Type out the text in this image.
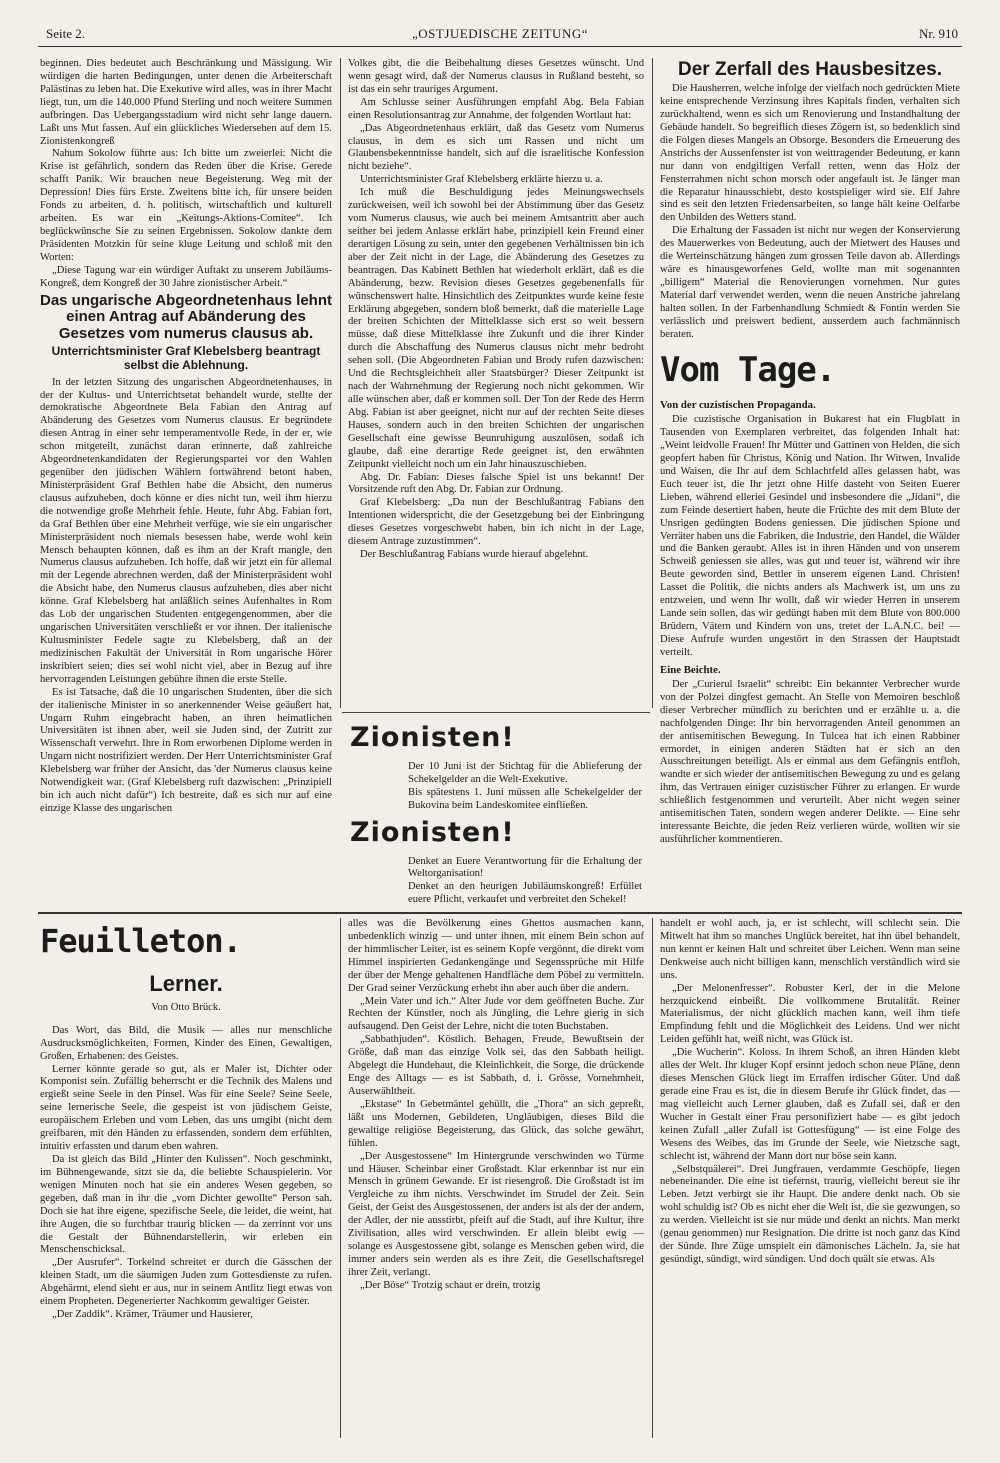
Seite 2.	„OSTJUEDISCHE ZEITUNG“	Nr. 910

beginnen. Dies bedeutet auch Beschränkung und Mässigung. Wir würdigen die harten Bedingungen, unter denen die Arbeiterschaft Palästinas zu leben hat. Die Exekutive wird alles, was in ihrer Macht liegt, tun, um die 140.000 Pfund Sterling und noch weitere Summen aufbringen. Das Uebergangsstadium wird nicht sehr lange dauern. Laßt uns Mut fassen. Auf ein glückliches Wiedersehen auf dem 15. Zionistenkongreß

Nahum Sokolow führte aus: Ich bitte um zweierlei: Nicht die Krise ist gefährlich, sondern das Reden über die Krise. Gerede schafft Panik. Wir brauchen neue Begeisterung. Weg mit der Depression! Dies fürs Erste. Zweitens bitte ich, für unsere beiden Fonds zu arbeiten, d. h. politisch, wirtschaftlich und kulturell arbeiten. Es war ein „Keitungs-Aktions-Comitee“. Ich beglückwünsche Sie zu seinen Ergebnissen. Sokolow dankte dem Präsidenten Motzkin für seine kluge Leitung und schloß mit den Worten:

„Diese Tagung war ein würdiger Auftakt zu unserem Jubiläums-Kongreß, dem Kongreß der 30 Jahre zionistischer Arbeit.“

Das ungarische Abgeordnetenhaus lehnt einen Antrag auf Abänderung des Gesetzes vom numerus clausus ab.
Unterrichtsminister Graf Klebelsberg beantragt selbst die Ablehnung.

In der letzten Sitzung des ungarischen Abgeordnetenhauses, in der der Kultus- und Unterrichtsetat behandelt wurde, stellte der demokratische Abgeordnete Bela Fabian den Antrag auf Abänderung des Gesetzes vom Numerus clausus. Er begründete diesen Antrag in einer sehr temperamentvolle Rede, in der er, wie schon mitgeteilt, zunächst daran erinnerte, daß zahlreiche Abgeordnetenkandidaten der Regierungspartei vor den Wahlen gegenüber den jüdischen Wählern fortwährend betont haben, Ministerpräsident Graf Bethlen habe die Absicht, den numerus clausus aufzuheben, doch könne er dies nicht tun, weil ihm hierzu die notwendige große Mehrheit fehle. Heute, fuhr Abg. Fabian fort, da Graf Bethlen über eine Mehrheit verfüge, wie sie ein ungarischer Ministerpräsident noch niemals besessen habe, werde wohl kein Mensch behaupten können, daß es ihm an der Kraft mangle, den Numerus clausus aufzuheben. Ich hoffe, daß wir jetzt ein für allemal mit der Legende abrechnen werden, daß der Ministerpräsident wohl die Absicht habe, den Numerus clausus aufzuheben, dies aber nicht könne. Graf Klebelsberg hat anläßlich seines Aufenhaltes in Rom das Lob der ungarischen Studenten entgegengenommen, aber die ungarischen Universitäten verschließt er vor ihnen. Der italienische Kultusminister Fedele sagte zu Klebelsberg, daß an der medizinischen Fakultät der Universität in Rom ungarische Hörer inskribiert seien; dies sei wohl nicht viel, aber in Bezug auf ihre hervorragenden Leistungen gebühre ihnen die erste Stelle.

Es ist Tatsache, daß die 10 ungarischen Studenten, über die sich der italienische Minister in so anerkennender Weise geäußert hat, Ungarn Ruhm eingebracht haben, an ihren heimatlichen Universitäten ist ihnen aber, weil sie Juden sind, der Zutritt zur Wissenschaft verwehrt. Ihre in Rom erworbenen Diplome werden in Ungarn nicht nostrifiziert werden. Der Herr Unterrichtsminister Graf Klebelsberg war früher der Ansicht, das 'der Numerus clausus keine Notwendigkeit war. (Graf Klebelsberg ruft dazwischen: „Prinzipiell bin ich auch nicht dafür“) Ich bestreite, daß es sich nur auf eine einzige Klasse des ungarischen

Volkes gibt, die die Beibehaltung dieses Gesetzes wünscht. Und wenn gesagt wird, daß der Numerus clausus in Rußland besteht, so ist das ein sehr trauriges Argument.

Am Schlusse seiner Ausführungen empfahl Abg. Bela Fabian einen Resolutionsantrag zur Annahme, der folgenden Wortlaut hat:

„Das Abgeordnetenhaus erklärt, daß das Gesetz vom Numerus clausus, in dem es sich um Rassen und nicht um Glaubensbekenntnisse handelt, sich auf die israelitische Konfession nicht beziehe“.

Unterrichtsminister Graf Klebelsberg erklärte hierzu u. a.

Ich muß die Beschuldigung jedes Meinungswechsels zurückweisen, weil ich sowohl bei der Abstimmung über das Gesetz vom Numerus clausus, wie auch bei meinem Amtsantritt aber auch seither bei jedem Anlasse erklärt habe, prinzipiell kein Freund einer derartigen Lösung zu sein, unter den gegebenen Verhältnissen bin ich aber der Zeit nicht in der Lage, die Abänderung des Gesetzes zu beantragen. Das Kabinett Bethlen hat wiederholt erklärt, daß es die Abänderung, bezw. Revision dieses Gesetzes gegebenenfalls für wünschenswert halte. Hinsichtlich des Zeitpunktes wurde keine feste Erklärung abgegeben, sondern bloß bemerkt, daß die materielle Lage der breiten Schichten der Mittelklasse sich erst so weit bessern müsse, daß diese Mittelklasse ihre Zukunft und die ihrer Kinder durch die Abschaffung des Numerus clausus nicht mehr bedroht sehen soll. (Die Abgeordneten Fabian und Brody rufen dazwischen: Und die Rechtsgleichheit aller Staatsbürger? Dieser Zeitpunkt ist nach der Wahrnehmung der Regierung noch nicht gekommen. Wir alle wünschen aber, daß er kommen soll. Der Ton der Rede des Herrn Abg. Fabian ist aber geeignet, nicht nur auf der rechten Seite dieses Hauses, sondern auch in den breiten Schichten der ungarischen Gesellschaft eine gewisse Beunruhigung auszulösen, sodaß ich glaube, daß eine derartige Rede geeignet ist, den erwähnten Zeitpunkt vielleicht noch um ein Jahr hinauszuschieben.

Abg. Dr. Fabian: Dieses falsche Spiel ist uns bekannt! Der Vorsitzende ruft den Abg. Dr. Fabian zur Ordnung.

Graf Klebelsberg: „Da nun der Beschlußantrag Fabians den Intentionen widerspricht, die der Gesetzgebung bei der Einbringung dieses Gesetzes vorgeschwebt haben, bin ich nicht in der Lage, diesem Antrage zuzustimmen“.

Der Beschlußantrag Fabians wurde hierauf abgelehnt.

Zionisten!

Der 10 Juni ist der Stichtag für die Ablieferung der Schekelgelder an die Welt-Exekutive.

Bis spätestens 1. Juni müssen alle Schekelgelder der Bukovina beim Landeskomitee einfließen.

Zionisten!

Denket an Euere Verantwortung für die Erhaltung der Weltorganisation!

Denket an den heurigen Jubiläumskongreß! Erfüllet euere Pflicht, verkaufet und verbreitet den Schekel!

Der Zerfall des Hausbesitzes.

Die Hausherren, welche infolge der vielfach noch gedrückten Miete keine entsprechende Verzinsung ihres Kapitals finden, verhalten sich zurückhaltend, wenn es sich um Renovierung und Instandhaltung der Gebäude handelt. So begreiflich dieses Zögern ist, so bedenklich sind die Folgen dieses Mangels an Obsorge. Besonders die Erneuerung des Anstrichs der Aussenfenster ist von weittragender Bedeutung, er kann nur dann von endgiltigen Verfall retten, wenn das Holz der Fensterrahmen nicht schon morsch oder angefault ist. Je länger man die Reparatur hinausschiebt, desto kostspieliger wird sie. Elf Jahre sind es seit den letzten Friedensarbeiten, so lange hält keine Oelfarbe den Unbilden des Wetters stand.

Die Erhaltung der Fassaden ist nicht nur wegen der Konservierung des Mauerwerkes von Bedeutung, auch der Mietwert des Hauses und die Werteinschätzung hängen zum grossen Teile davon ab. Allerdings wäre es hinausgeworfenes Geld, wollte man mit sogenannten „billigem“ Material die Renovierungen vornehmen. Nur gutes Material darf verwendet werden, wenn die neuen Anstriche jahrelang halten sollen. In der Farbenhandlung Schmiedt & Fontin werden Sie verlässlich und preiswert bedient, ausserdem auch fachmännisch beraten.

Vom Tage.
Von der cuzistischen Propaganda.

Die cuzistische Organisation in Bukarest hat ein Flugblatt in Tausenden von Exemplaren verbreitet, das folgenden Inhalt hat: „Weint leidvolle Frauen! Ihr Mütter und Gattinen von Helden, die sich geopfert haben für Christus, König und Nation. Ihr Witwen, Invalide und Waisen, die Ihr auf dem Schlachtfeld alles gelassen habt, was Euch teuer ist, die Ihr jetzt ohne Hilfe dasteht von Seiten Euerer Lieben, während elleriei Gesindel und insbesondere die „Jidani“, die zum Feinde desertiert haben, heute die Früchte des mit dem Blute der Unsrigen gedüngten Bodens geniessen. Die jüdischen Spione und Verräter haben uns die Fabriken, die Industrie, den Handel, die Wälder und die Banken geraubt. Alles ist in ihren Händen und von unserem Schweiß geniessen sie alles, was gut und teuer ist, während wir ihre Beute geworden sind, Bettler in unserem eigenen Land. Christen! Lasset die Politik, die nichts anders als Machwerk ist, um uns zu entzweien, und wenn Ihr wollt, daß wir wieder Herren in unserem Lande sein sollen, das wir gedüngt haben mit dem Blute von 800.000 Brüdern, Vätern und Kindern von uns, tretet der L.A.N.C. bei! — Diese Aufrufe wurden ungestört in den Strassen der Hauptstadt verteilt.

Eine Beichte.

Der „Curierul Israelit“ schreibt: Ein bekannter Verbrecher wurde von der Polzei dingfest gemacht. An Stelle von Memoiren beschloß dieser Verbrecher mündlich zu berichten und er erzählte u. a. die nachfolgenden Dinge: Ihr bin hervorragenden Anteil genommen an der antisemitischen Bewegung. In Tulcea hat ich einen Rabbiner ermordet, in einigen anderen Städten hat er sich an den Ausschreitungen beteiligt. Als er einmal aus dem Gefängnis entfloh, wandte er sich wieder der antisemitischen Bewegung zu und es gelang ihm, das Vertrauen einiger cuzistischer Führer zu erlangen. Er wurde schließlich festgenommen und verurteilt. Aber nicht wegen seiner antisemitischen Taten, sondern wegen anderer Delikte. — Eine sehr interessante Beichte, die jeden Reiz verlieren würde, wollten wir sie ausführlicher kommentieren.

Feuilleton.
Lerner.
Von Otto Brück.

Das Wort, das Bild, die Musik — alles nur menschliche Ausdrucksmöglichkeiten, Formen, Kinder des Einen, Gewaltigen, Großen, Erhabenen: des Geistes.

Lerner könnte gerade so gut, als er Maler ist, Dichter oder Komponist sein. Zufällig beherrscht er die Technik des Malens und ergießt seine Seele in den Pinsel. Was für eine Seele? Seine Seele, seine lernerische Seele, die gespeist ist von jüdischem Geiste, europäischem Erleben und vom Leben, das uns umgibt (nicht dem greifbaren, mit den Händen zu erfassenden, sondern dem erfühlten, intuitiv erfassten und darum eben wahren.

Da ist gleich das Bild „Hinter den Kulissen“. Noch geschminkt, im Bühnengewande, sitzt sie da, die beliebte Schauspielerin. Vor wenigen Minuten noch hat sie ein anderes Wesen gegeben, so gegeben, daß man in ihr die „vom Dichter gewollte“ Person sah. Doch sie hat ihre eigene, spezifische Seele, die leidet, die weint, hat ihre Augen, die so furchtbar traurig blicken — da zerrinnt vor uns die Gestalt der Bühnendarstellerin, wir erleben ein Menschenschicksal.

„Der Ausrufer“. Torkelnd schreitet er durch die Gässchen der kleinen Stadt, um die säumigen Juden zum Gottesdienste zu rufen. Abgehärmt, elend sieht er aus, nur in seinem Antlitz liegt etwas von einem Propheten. Degenerierter Nachkomm gewaltiger Geister.

„Der Zaddik“. Krämer, Träumer und Hausierer,

alles was die Bevölkerung eines Ghettos ausmachen kann, unbedenklich winzig — und unter ihnen, mit einem Bein schon auf der himmlischer Leiter, ist es seinem Kopfe vergönnt, die direkt vom Himmel inspirierten Gedankengänge und Segenssprüche mit Hilfe der über der Menge gehaltenen Handfläche dem Pöbel zu vermitteln. Der Grad seiner Verzückung erhebt ihn aber auch über die andern.

„Mein Vater und ich.“ Alter Jude vor dem geöffneten Buche. Zur Rechten der Künstler, noch als Jüngling, die Lehre gierig in sich aufsaugend. Den Geist der Lehre, nicht die toten Buchstaben.

„Sabbathjuden“. Köstlich. Behagen, Freude, Bewußtsein der Größe, daß man das einzige Volk sei, das den Sabbath heiligt. Abgelegt die Hundehaut, die Kleinlichkeit, die Sorge, die drückende Enge des Alltags — es ist Sabbath, d. i. Grösse, Vornehmheit, Auserwähltheit.

„Ekstase“ In Gebetmäntel gehüllt, die „Thora“ an sich gepreßt, läßt uns Modernen, Gebildeten, Ungläubigen, dieses Bild die gewaltige religiöse Begeisterung, das Glück, das solche gewährt, fühlen.

„Der Ausgestossene“ Im Hintergrunde verschwinden wo Türme und Häuser. Scheinbar einer Großstadt. Klar erkennbar ist nur ein Mensch in grünem Gewande. Er ist riesengroß. Die Großstadt ist im Vergleiche zu ihm nichts. Verschwindet im Strudel der Zeit. Sein Geist, der Geist des Ausgestossenen, der anders ist als der der andern, der Adler, der nie ausstirbt, pfeift auf die Stadt, auf ihre Kultur, ihre Zivilisation, alles wird verschwinden. Er allein bleibt ewig — solange es Ausgestossene gibt, solange es Menschen geben wird, die immer anders sein werden als es ihre Zeit, die Gesellschaftsregel ihrer Zeit, verlangt.

„Der Böse“ Trotzig schaut er drein, trotzig

handelt er wohl auch, ja, er ist schlecht, will schlecht sein. Die Mitwelt hat ihm so manches Unglück bereitet, hat ihn übel behandelt, nun kennt er keinen Halt und schreitet über Leichen. Wenn man seine Denkweise auch nicht billigen kann, menschlich verständlich wird sie uns.

„Der Melonenfresser“. Robuster Kerl, der in die Melone herzquickend einbeißt. Die vollkommene Brutalität. Reiner Materialismus, der nicht glücklich machen kann, weil ihm tiefe Empfindung fehlt und die Möglichkeit des Leidens. Und wer nicht Leiden gefühlt hat, weiß nicht, was Glück ist.

„Die Wucherin“. Koloss. In ihrem Schoß, an ihren Händen klebt alles der Welt. Ihr kluger Kopf ersinnt jedoch schon neue Pläne, denn dieses Menschen Glück liegt im Erraffen irdischer Güter. Und daß gerade eine Frau es ist, die in diesem Berufe ihr Glück findet, das — mag vielleicht auch Lerner glauben, daß es Zufall sei, daß er den Wucher in Gestalt einer Frau personifiziert habe — es gibt jedoch keinen Zufall „aller Zufall ist Gottesfügung“ — ist eine Folge des Wesens des Weibes, das im Grunde der Seele, wie Nietzsche sagt, schlecht ist, während der Mann dort nur böse sein kann.

„Selbstquälerei“. Drei Jungfrauen, verdammte Geschöpfe, liegen nebeneinander. Die eine ist tiefernst, traurig, vielleicht bereut sie ihr Leben. Jetzt verbirgt sie ihr Haupt. Die andere denkt nach. Ob sie wohl schuldig ist? Ob es nicht eher die Welt ist, die sie gezwungen, so zu werden. Vielleicht ist sie nur müde und denkt an nichts. Man merkt (genau genommen) nur Resignation. Die dritte ist noch ganz das Kind der Sünde. Ihre Züge umspielt ein dämonisches Lächeln. Ja, sie hat gesündigt, sündigt, wird sündigen. Und doch quält sie etwas. Als
